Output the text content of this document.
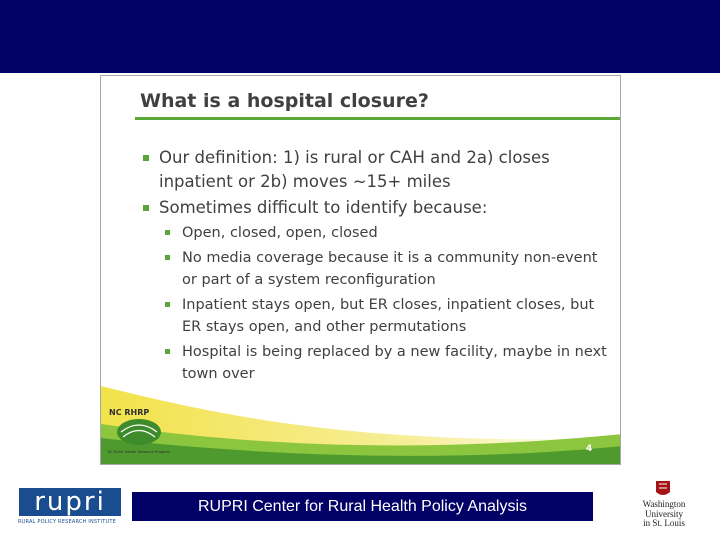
What is a hospital closure?
Our definition: 1) is rural or CAH and 2a) closes inpatient or 2b) moves ~15+ miles
Sometimes difficult to identify because:
Open, closed, open, closed
No media coverage because it is a community non-event or part of a system reconfiguration
Inpatient stays open, but ER closes, inpatient closes, but ER stays open, and other permutations
Hospital is being replaced by a new facility, maybe in next town over
NC RHRP
NC Rural Health Research Program	4
rupri
RURAL POLICY RESEARCH INSTITUTE
RUPRI Center for Rural Health Policy Analysis	Washington
University
in St. Louis
